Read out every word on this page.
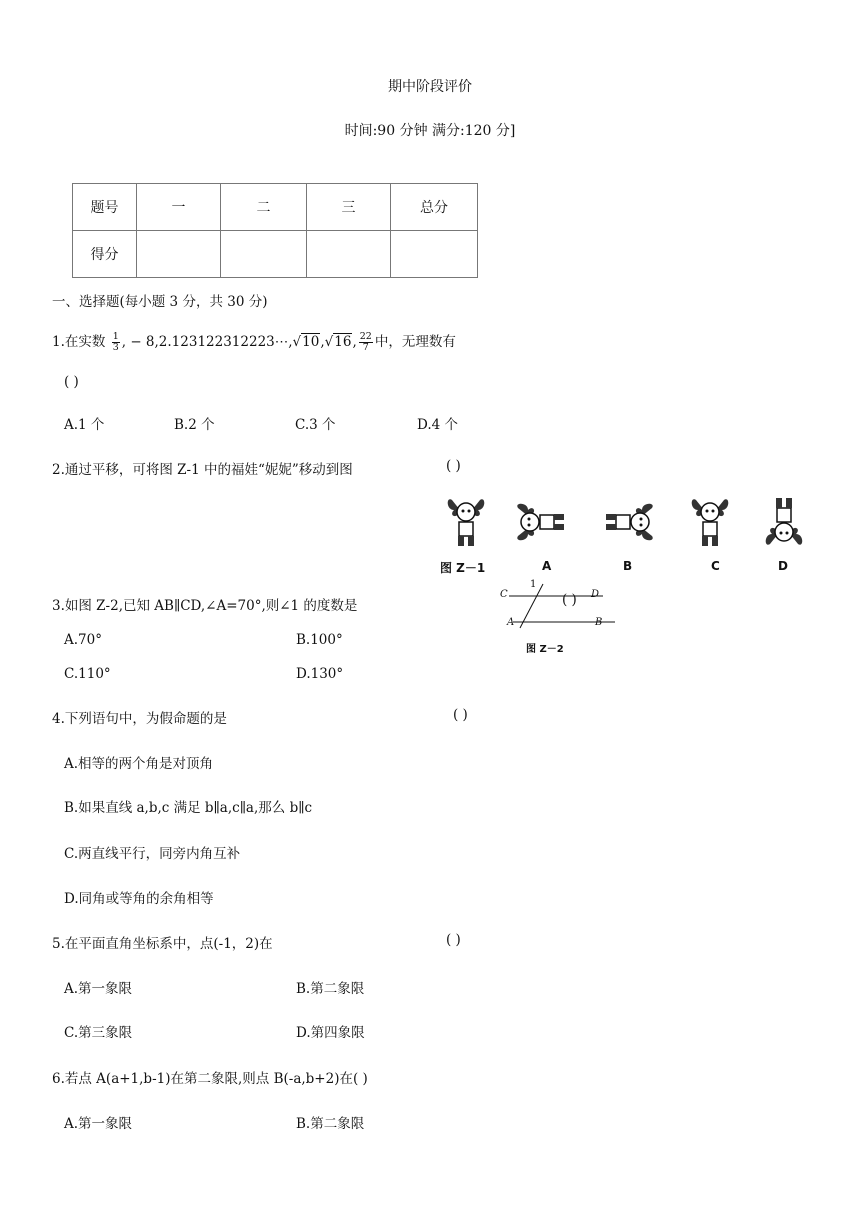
期中阶段评价
时间:90 分钟 满分:120 分]
题号	一	二	三	总分
得分				
一、选择题(每小题 3 分，共 30 分)
1.在实数 $\frac{1}{3}$ , − 8,2.123122312223⋯,√10,√16, $\frac{22}{7}$ 中，无理数有
( )
A.1 个	B.2 个	C.3 个	D.4 个
2.通过平移，可将图 Z-1 中的福娃“妮妮”移动到图	( )
图 Z－1	A	B	C	D
3.如图 Z-2,已知 AB∥CD,∠A=70°,则∠1 的度数是
C
1
D
A	B
( )
图 Z－2
A.70°	B.100°
C.110°	D.130°
4.下列语句中，为假命题的是	( )
A.相等的两个角是对顶角
B.如果直线 a,b,c 满足 b∥a,c∥a,那么 b∥c
C.两直线平行，同旁内角互补
D.同角或等角的余角相等
5.在平面直角坐标系中，点(-1，2)在	( )
A.第一象限	B.第二象限
C.第三象限	D.第四象限
6.若点 A(a+1,b-1)在第二象限,则点 B(-a,b+2)在( )
A.第一象限	B.第二象限
